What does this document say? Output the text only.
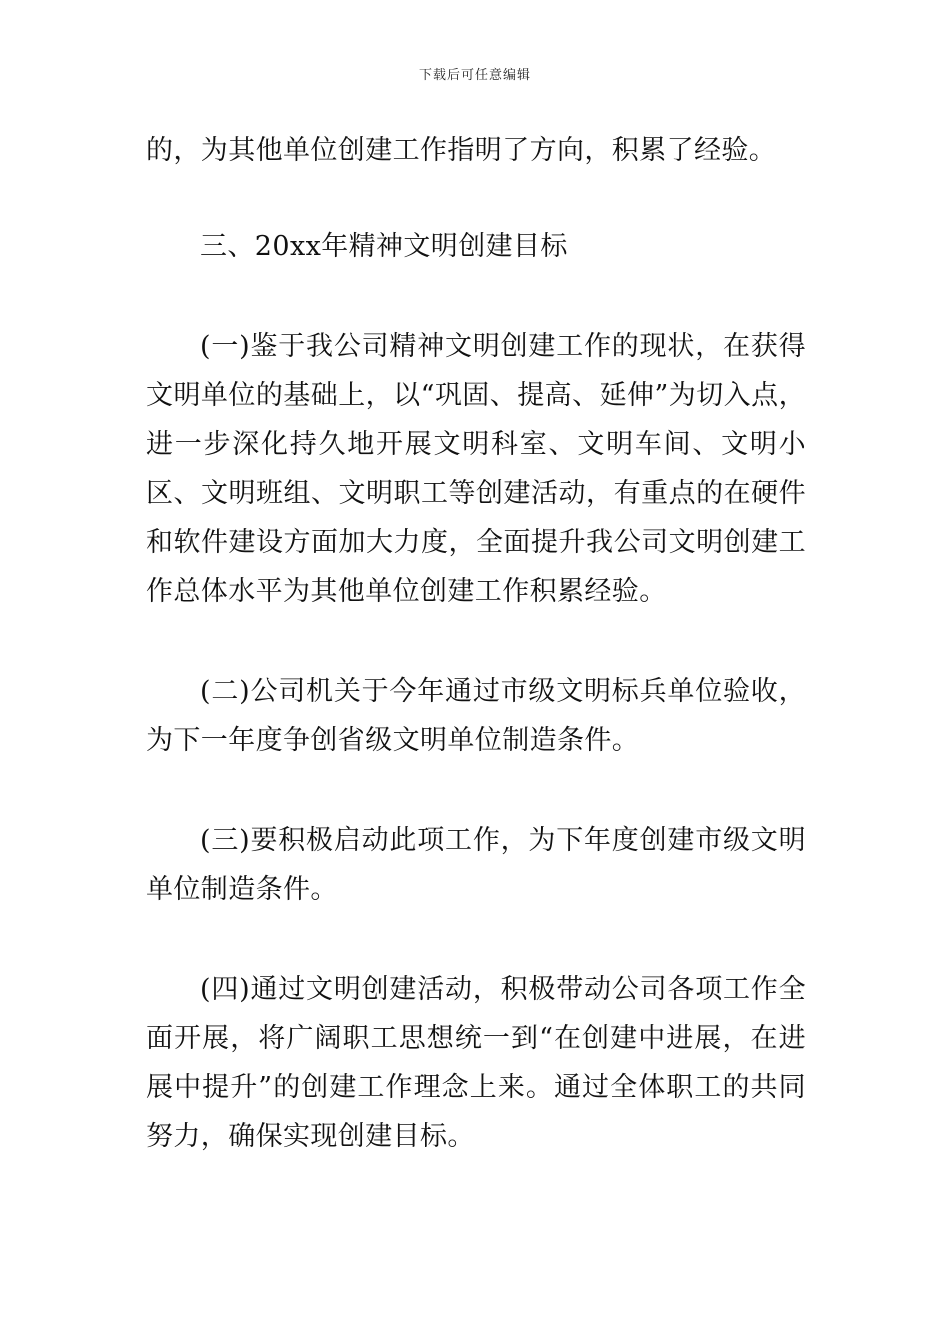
下载后可任意编辑

的，为其他单位创建工作指明了方向，积累了经验。

三、20xx年精神文明创建目标

(一)鉴于我公司精神文明创建工作的现状，在获得文明单位的基础上，以“巩固、提高、延伸”为切入点，进一步深化持久地开展文明科室、文明车间、文明小区、文明班组、文明职工等创建活动，有重点的在硬件和软件建设方面加大力度，全面提升我公司文明创建工作总体水平为其他单位创建工作积累经验。

(二)公司机关于今年通过市级文明标兵单位验收，为下一年度争创省级文明单位制造条件。

(三)要积极启动此项工作，为下年度创建市级文明单位制造条件。

(四)通过文明创建活动，积极带动公司各项工作全面开展，将广阔职工思想统一到“在创建中进展，在进展中提升”的创建工作理念上来。通过全体职工的共同努力，确保实现创建目标。
